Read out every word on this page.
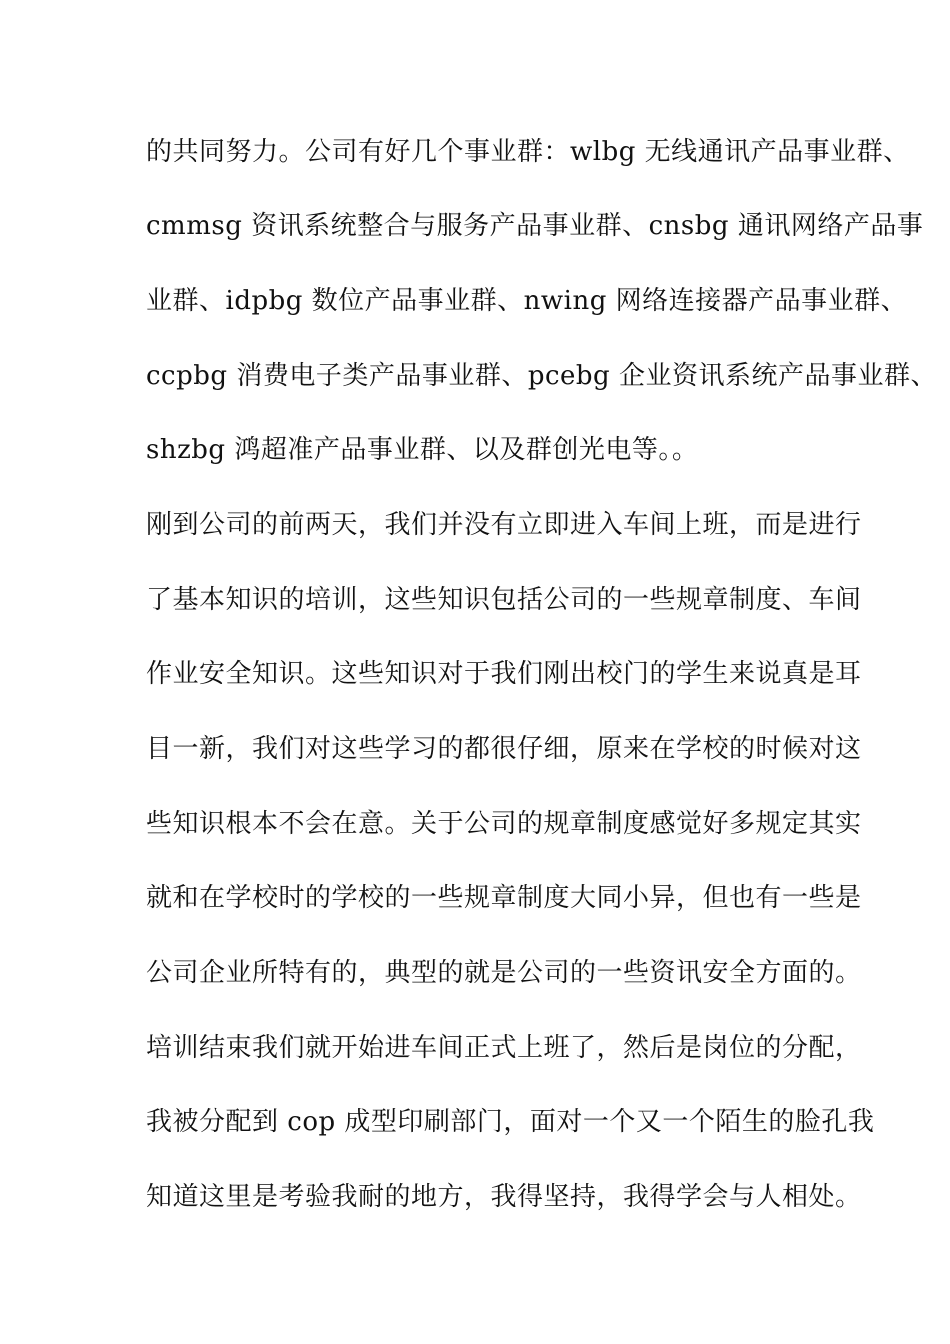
的共同努力。公司有好几个事业群：wlbg 无线通讯产品事业群、
cmmsg 资讯系统整合与服务产品事业群、cnsbg 通讯网络产品事
业群、idpbg 数位产品事业群、nwing 网络连接器产品事业群、
ccpbg 消费电子类产品事业群、pcebg 企业资讯系统产品事业群、
shzbg 鸿超准产品事业群、以及群创光电等。。
刚到公司的前两天，我们并没有立即进入车间上班，而是进行
了基本知识的培训，这些知识包括公司的一些规章制度、车间
作业安全知识。这些知识对于我们刚出校门的学生来说真是耳
目一新，我们对这些学习的都很仔细，原来在学校的时候对这
些知识根本不会在意。关于公司的规章制度感觉好多规定其实
就和在学校时的学校的一些规章制度大同小异，但也有一些是
公司企业所特有的，典型的就是公司的一些资讯安全方面的。
培训结束我们就开始进车间正式上班了，然后是岗位的分配，
我被分配到 cop 成型印刷部门，面对一个又一个陌生的脸孔我
知道这里是考验我耐的地方，我得坚持，我得学会与人相处。
